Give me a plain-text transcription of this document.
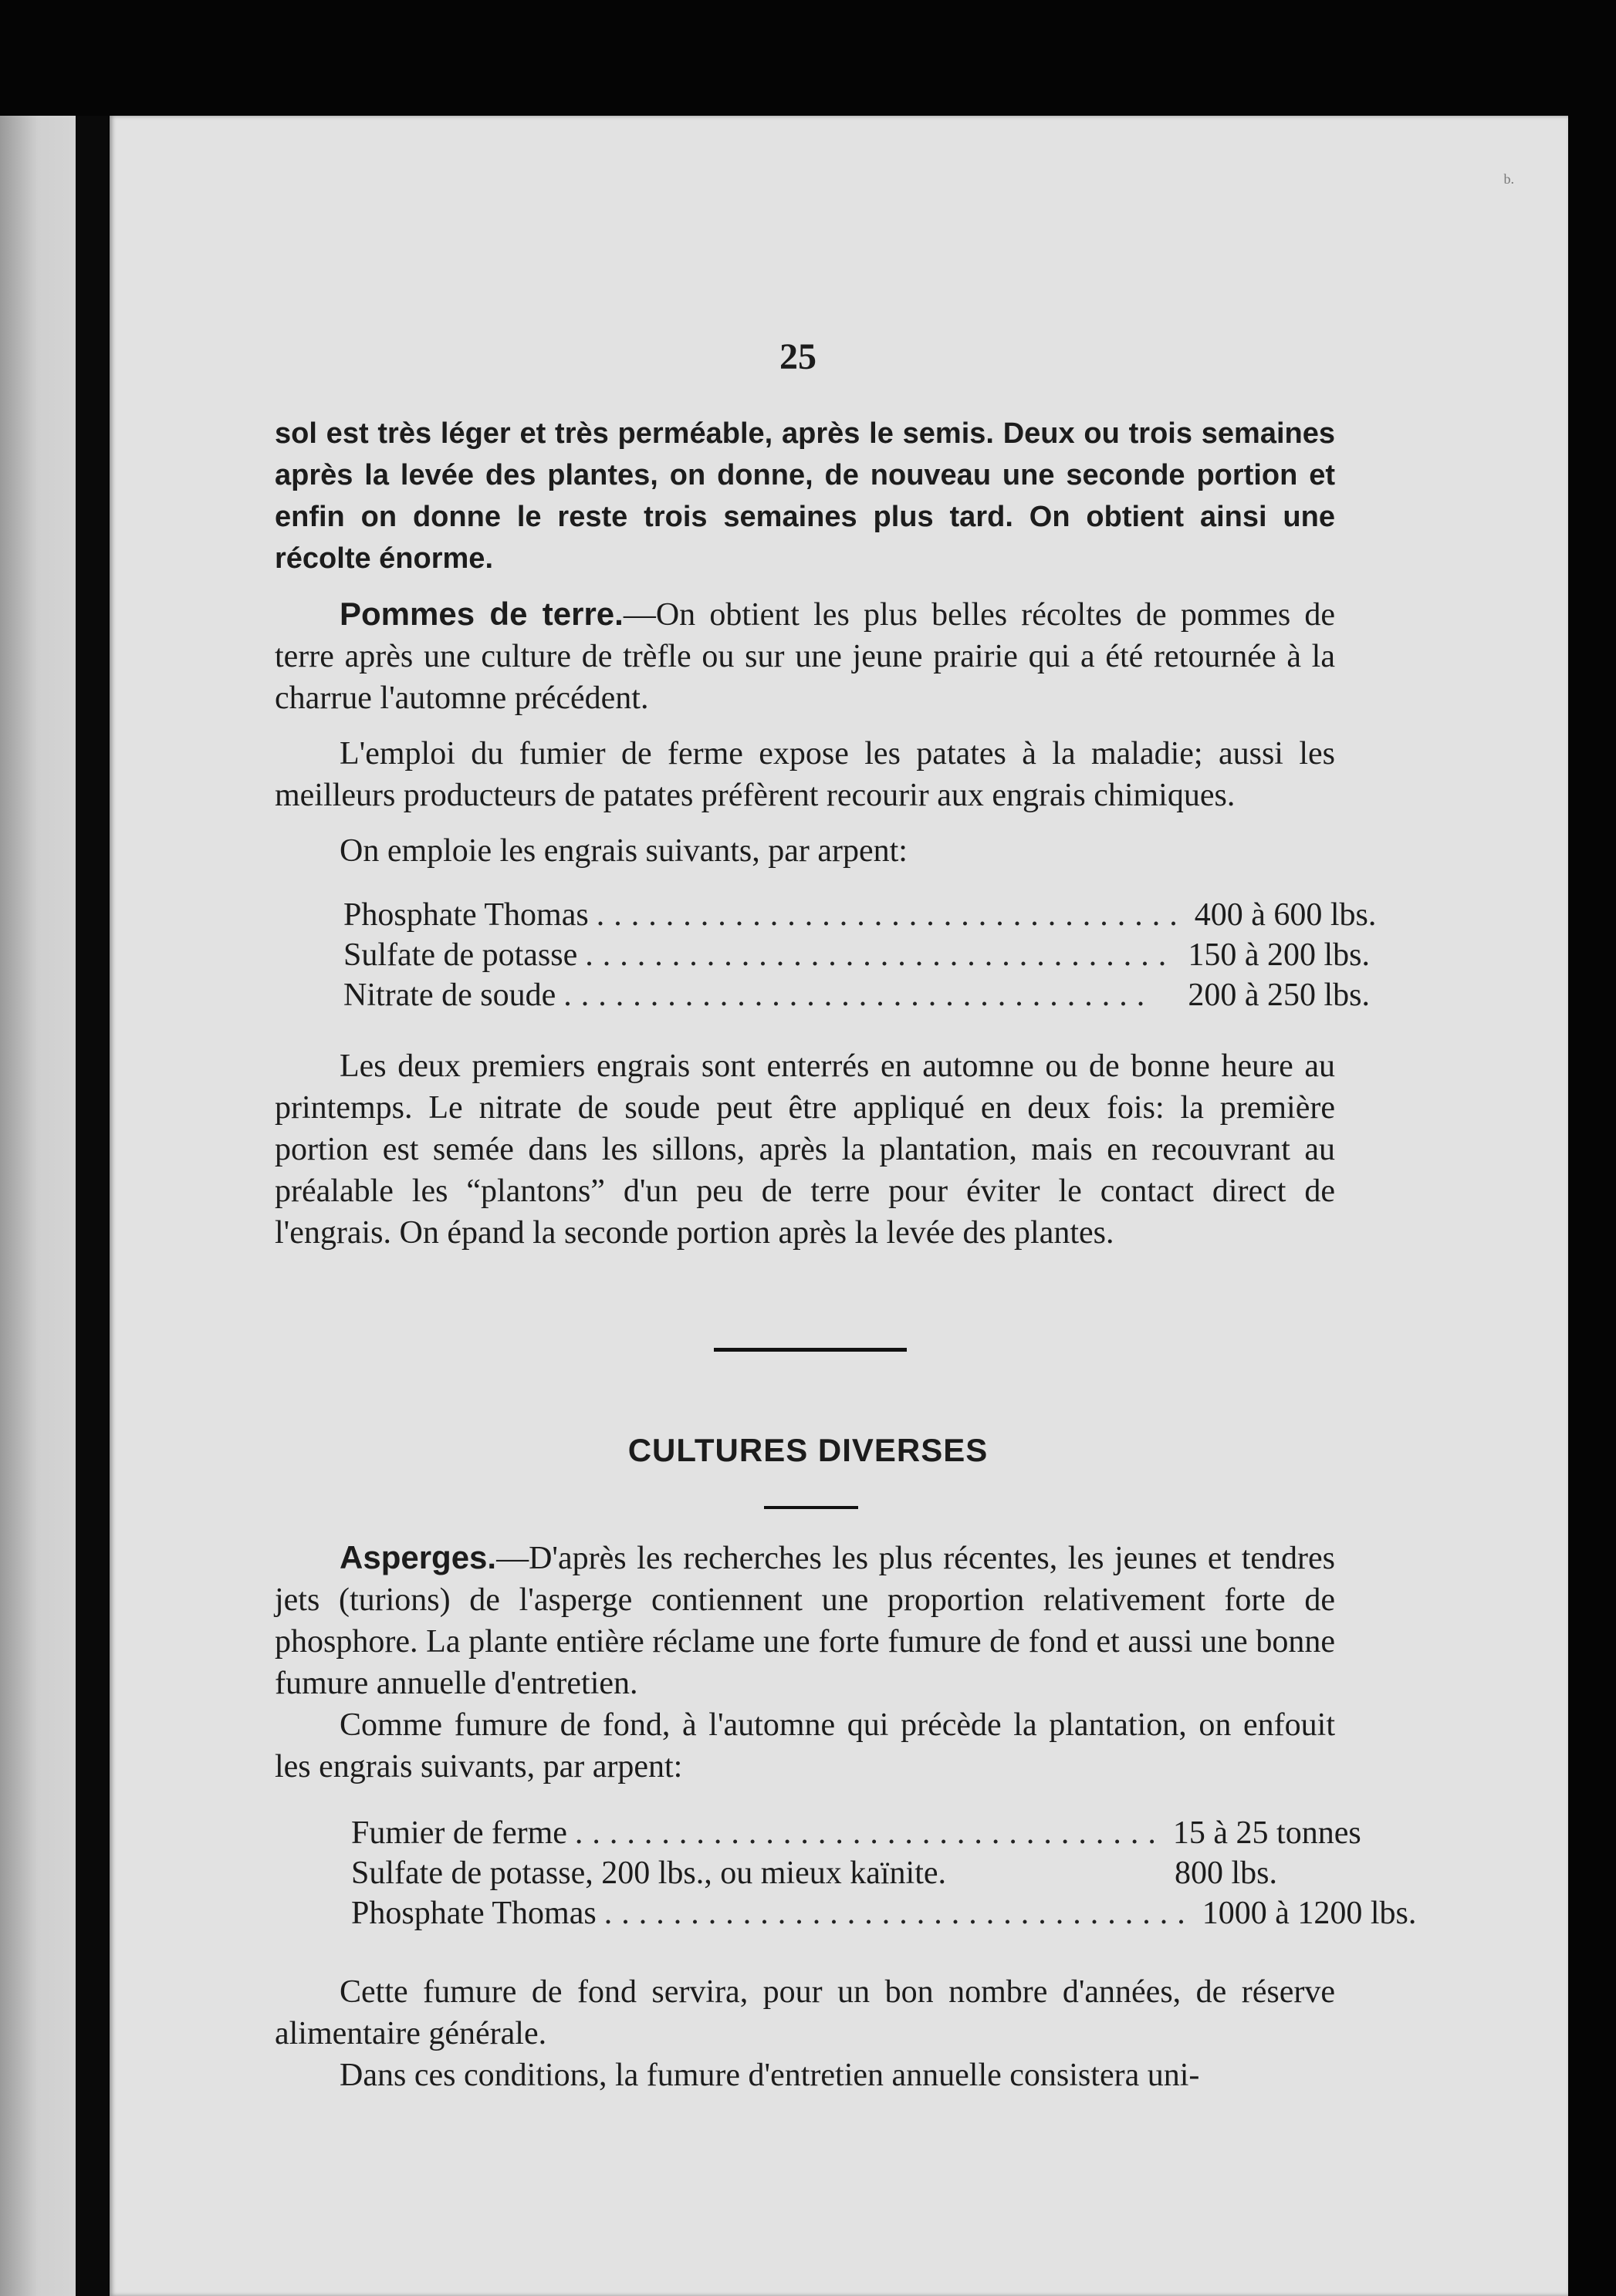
b.
25

sol est très léger et très perméable, après le semis. Deux ou trois semaines après la levée des plantes, on donne, de nouveau une seconde portion et enfin on donne le reste trois semaines plus tard. On obtient ainsi une récolte énorme.

Pommes de terre.—On obtient les plus belles récoltes de pommes de terre après une culture de trèfle ou sur une jeune prairie qui a été retournée à la charrue l'automne précédent.

L'emploi du fumier de ferme expose les patates à la maladie; aussi les meilleurs producteurs de patates préfèrent recourir aux engrais chimiques.

On emploie les engrais suivants, par arpent:

Phosphate Thomas .................................. 400 à 600 lbs.
Sulfate de potasse .................................. 150 à 200 lbs.
Nitrate de soude ..................................	200 à 250 lbs.

Les deux premiers engrais sont enterrés en automne ou de bonne heure au printemps. Le nitrate de soude peut être appliqué en deux fois: la première portion est semée dans les sillons, après la plantation, mais en recouvrant au préalable les “plantons” d'un peu de terre pour éviter le contact direct de l'engrais. On épand la seconde portion après la levée des plantes.

CULTURES DIVERSES

Asperges.—D'après les recherches les plus récentes, les jeunes et tendres jets (turions) de l'asperge contiennent une proportion relativement forte de phosphore. La plante entière réclame une forte fumure de fond et aussi une bonne fumure annuelle d'entretien.

Comme fumure de fond, à l'automne qui précède la plantation, on enfouit les engrais suivants, par arpent:

Fumier de ferme .................................. 15 à 25 tonnes
Sulfate de potasse, 200 lbs., ou mieux kaïnite.	800 lbs.
Phosphate Thomas .................................. 1000 à 1200 lbs.

Cette fumure de fond servira, pour un bon nombre d'années, de réserve alimentaire générale.

Dans ces conditions, la fumure d'entretien annuelle consistera uni-
